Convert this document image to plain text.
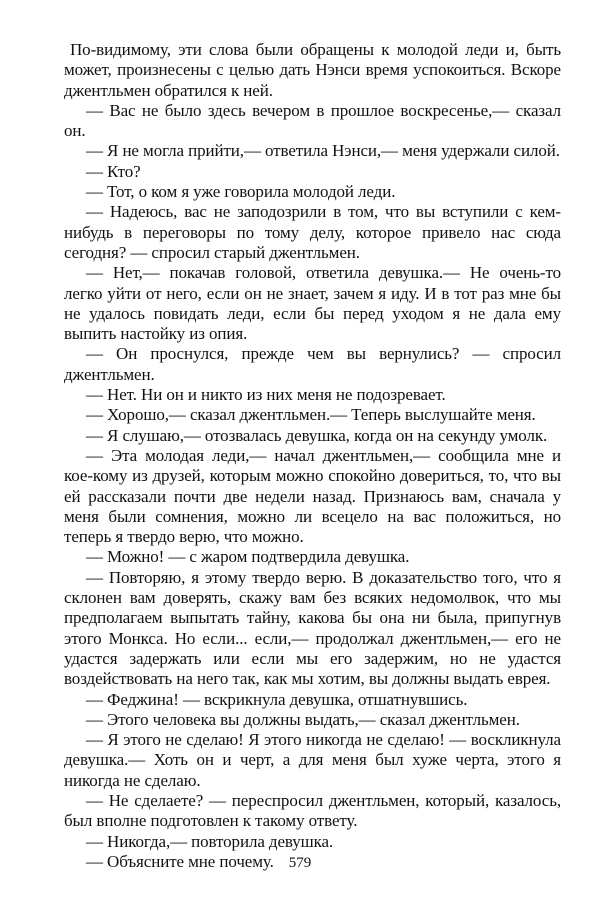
По-видимому, эти слова были обращены к молодой леди и, быть может, произнесены с целью дать Нэнси время успокоиться. Вскоре джентльмен обратился к ней.

— Вас не было здесь вечером в прошлое воскресенье,— сказал он.

— Я не могла прийти,— ответила Нэнси,— меня удержали силой.

— Кто?

— Тот, о ком я уже говорила молодой леди.

— Надеюсь, вас не заподозрили в том, что вы вступили с кем-нибудь в переговоры по тому делу, которое привело нас сюда сегодня? — спросил старый джентльмен.

— Нет,— покачав головой, ответила девушка.— Не очень-то легко уйти от него, если он не знает, зачем я иду. И в тот раз мне бы не удалось повидать леди, если бы перед уходом я не дала ему выпить настойку из опия.

— Он проснулся, прежде чем вы вернулись? — спросил джентльмен.

— Нет. Ни он и никто из них меня не подозревает.

— Хорошо,— сказал джентльмен.— Теперь выслушайте меня.

— Я слушаю,— отозвалась девушка, когда он на секунду умолк.

— Эта молодая леди,— начал джентльмен,— сообщила мне и кое-кому из друзей, которым можно спокойно довериться, то, что вы ей рассказали почти две недели назад. Признаюсь вам, сначала у меня были сомнения, можно ли всецело на вас положиться, но теперь я твердо верю, что можно.

— Можно! — с жаром подтвердила девушка.

— Повторяю, я этому твердо верю. В доказательство того, что я склонен вам доверять, скажу вам без всяких недомолвок, что мы предполагаем выпытать тайну, какова бы она ни была, припугнув этого Монкса. Но если... если,— продолжал джентльмен,— его не удастся задержать или если мы его задержим, но не удастся воздействовать на него так, как мы хотим, вы должны выдать еврея.

— Феджина! — вскрикнула девушка, отшатнувшись.

— Этого человека вы должны выдать,— сказал джентльмен.

— Я этого не сделаю! Я этого никогда не сделаю! — воскликнула девушка.— Хоть он и черт, а для меня был хуже черта, этого я никогда не сделаю.

— Не сделаете? — переспросил джентльмен, который, казалось, был вполне подготовлен к такому ответу.

— Никогда,— повторила девушка.

— Объясните мне почему.	579
